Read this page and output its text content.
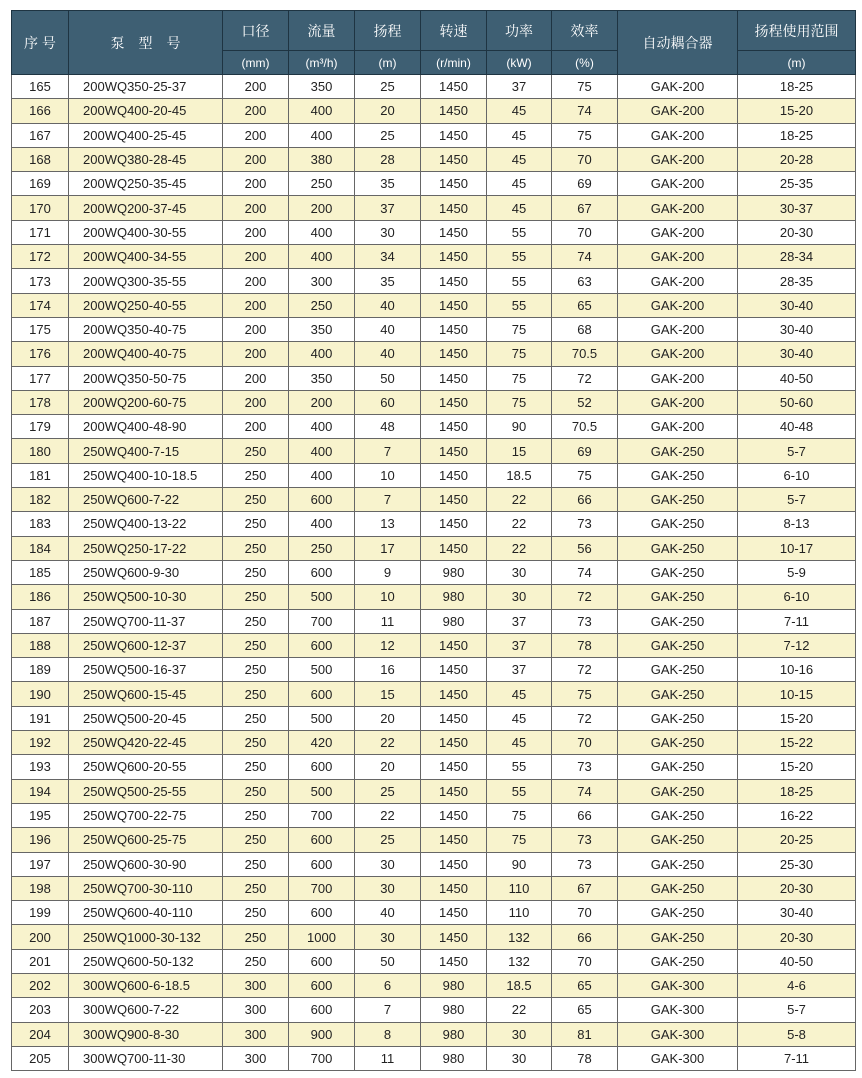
序 号	泵　型　号	口径	流量	扬程	转速	功率	效率	自动耦合器	扬程使用范围
		(mm)	(m³/h)	(m)	(r/min)	(kW)	(%)		(m)
165	200WQ350-25-37	200	350	25	1450	37	75	GAK-200	18-25
166	200WQ400-20-45	200	400	20	1450	45	74	GAK-200	15-20
167	200WQ400-25-45	200	400	25	1450	45	75	GAK-200	18-25
168	200WQ380-28-45	200	380	28	1450	45	70	GAK-200	20-28
169	200WQ250-35-45	200	250	35	1450	45	69	GAK-200	25-35
170	200WQ200-37-45	200	200	37	1450	45	67	GAK-200	30-37
171	200WQ400-30-55	200	400	30	1450	55	70	GAK-200	20-30
172	200WQ400-34-55	200	400	34	1450	55	74	GAK-200	28-34
173	200WQ300-35-55	200	300	35	1450	55	63	GAK-200	28-35
174	200WQ250-40-55	200	250	40	1450	55	65	GAK-200	30-40
175	200WQ350-40-75	200	350	40	1450	75	68	GAK-200	30-40
176	200WQ400-40-75	200	400	40	1450	75	70.5	GAK-200	30-40
177	200WQ350-50-75	200	350	50	1450	75	72	GAK-200	40-50
178	200WQ200-60-75	200	200	60	1450	75	52	GAK-200	50-60
179	200WQ400-48-90	200	400	48	1450	90	70.5	GAK-200	40-48
180	250WQ400-7-15	250	400	7	1450	15	69	GAK-250	5-7
181	250WQ400-10-18.5	250	400	10	1450	18.5	75	GAK-250	6-10
182	250WQ600-7-22	250	600	7	1450	22	66	GAK-250	5-7
183	250WQ400-13-22	250	400	13	1450	22	73	GAK-250	8-13
184	250WQ250-17-22	250	250	17	1450	22	56	GAK-250	10-17
185	250WQ600-9-30	250	600	9	980	30	74	GAK-250	5-9
186	250WQ500-10-30	250	500	10	980	30	72	GAK-250	6-10
187	250WQ700-11-37	250	700	11	980	37	73	GAK-250	7-11
188	250WQ600-12-37	250	600	12	1450	37	78	GAK-250	7-12
189	250WQ500-16-37	250	500	16	1450	37	72	GAK-250	10-16
190	250WQ600-15-45	250	600	15	1450	45	75	GAK-250	10-15
191	250WQ500-20-45	250	500	20	1450	45	72	GAK-250	15-20
192	250WQ420-22-45	250	420	22	1450	45	70	GAK-250	15-22
193	250WQ600-20-55	250	600	20	1450	55	73	GAK-250	15-20
194	250WQ500-25-55	250	500	25	1450	55	74	GAK-250	18-25
195	250WQ700-22-75	250	700	22	1450	75	66	GAK-250	16-22
196	250WQ600-25-75	250	600	25	1450	75	73	GAK-250	20-25
197	250WQ600-30-90	250	600	30	1450	90	73	GAK-250	25-30
198	250WQ700-30-110	250	700	30	1450	110	67	GAK-250	20-30
199	250WQ600-40-110	250	600	40	1450	110	70	GAK-250	30-40
200	250WQ1000-30-132	250	1000	30	1450	132	66	GAK-250	20-30
201	250WQ600-50-132	250	600	50	1450	132	70	GAK-250	40-50
202	300WQ600-6-18.5	300	600	6	980	18.5	65	GAK-300	4-6
203	300WQ600-7-22	300	600	7	980	22	65	GAK-300	5-7
204	300WQ900-8-30	300	900	8	980	30	81	GAK-300	5-8
205	300WQ700-11-30	300	700	11	980	30	78	GAK-300	7-11
